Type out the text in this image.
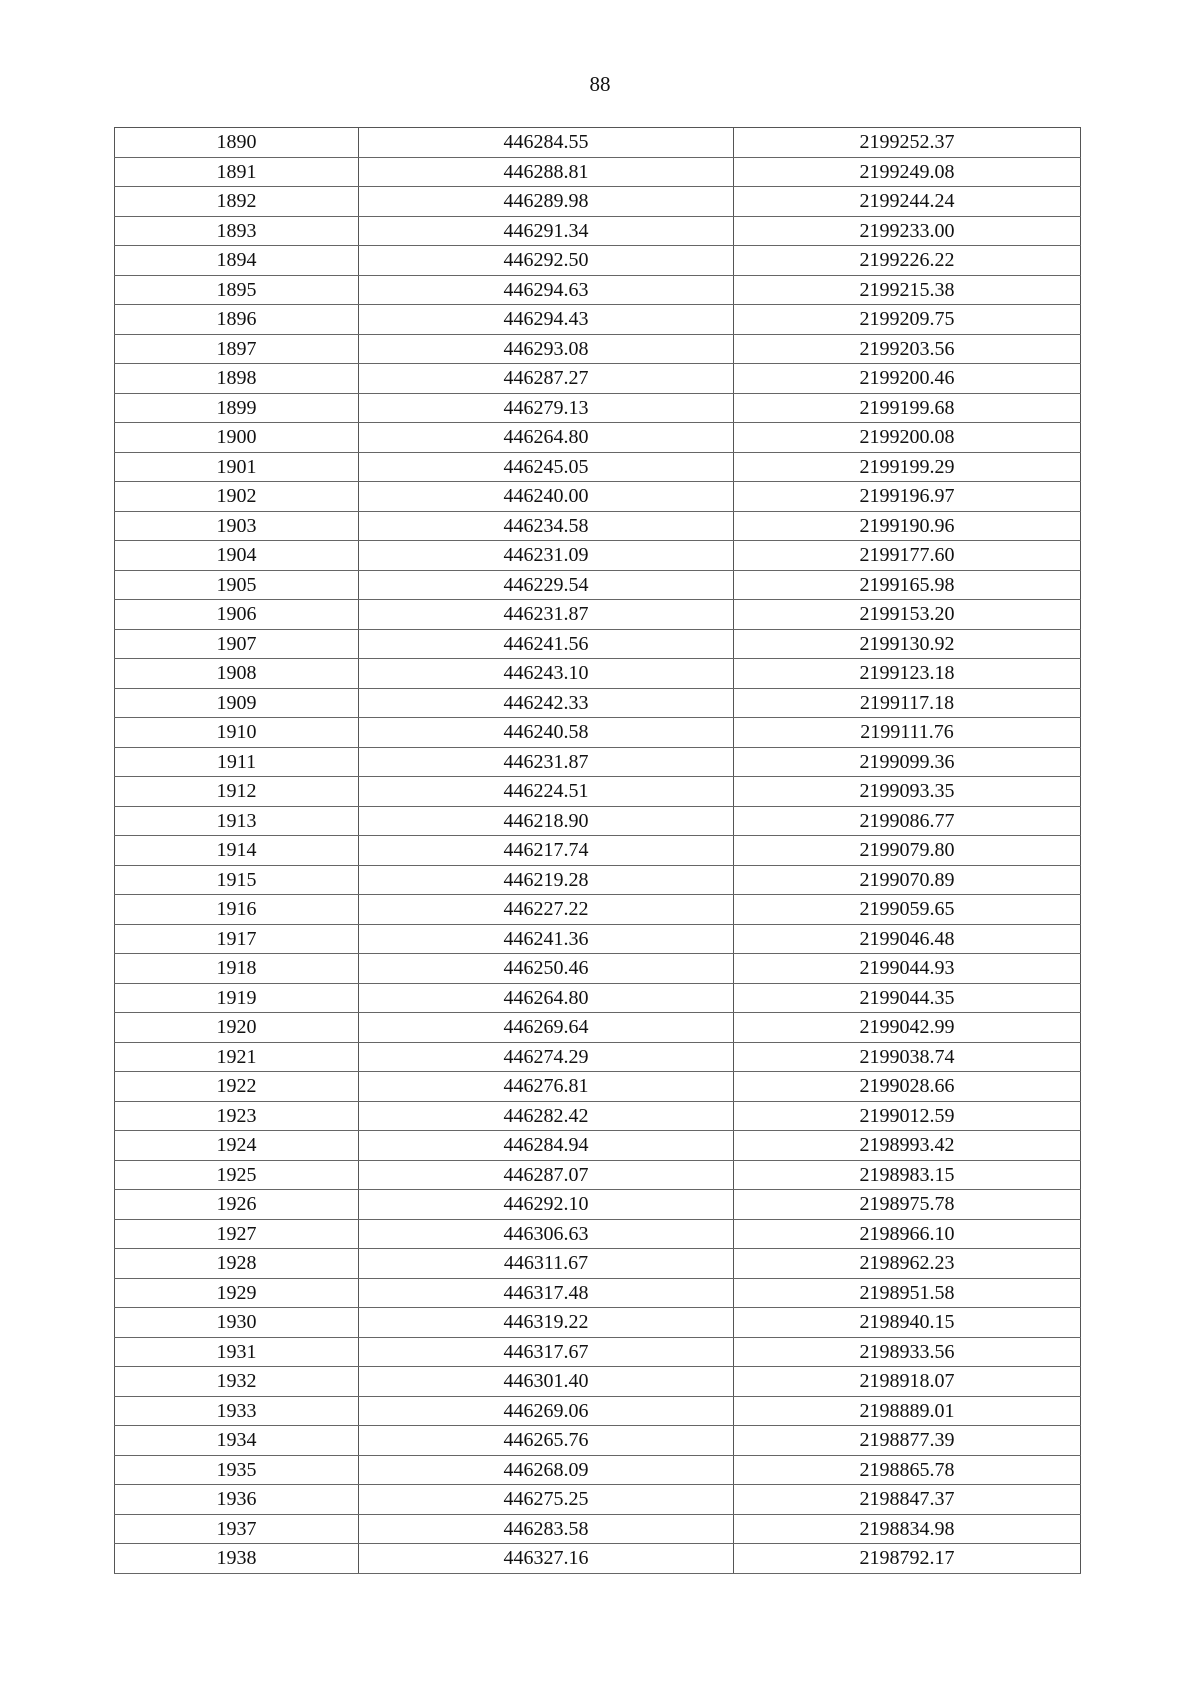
88
1890	446284.55	2199252.37
1891	446288.81	2199249.08
1892	446289.98	2199244.24
1893	446291.34	2199233.00
1894	446292.50	2199226.22
1895	446294.63	2199215.38
1896	446294.43	2199209.75
1897	446293.08	2199203.56
1898	446287.27	2199200.46
1899	446279.13	2199199.68
1900	446264.80	2199200.08
1901	446245.05	2199199.29
1902	446240.00	2199196.97
1903	446234.58	2199190.96
1904	446231.09	2199177.60
1905	446229.54	2199165.98
1906	446231.87	2199153.20
1907	446241.56	2199130.92
1908	446243.10	2199123.18
1909	446242.33	2199117.18
1910	446240.58	2199111.76
1911	446231.87	2199099.36
1912	446224.51	2199093.35
1913	446218.90	2199086.77
1914	446217.74	2199079.80
1915	446219.28	2199070.89
1916	446227.22	2199059.65
1917	446241.36	2199046.48
1918	446250.46	2199044.93
1919	446264.80	2199044.35
1920	446269.64	2199042.99
1921	446274.29	2199038.74
1922	446276.81	2199028.66
1923	446282.42	2199012.59
1924	446284.94	2198993.42
1925	446287.07	2198983.15
1926	446292.10	2198975.78
1927	446306.63	2198966.10
1928	446311.67	2198962.23
1929	446317.48	2198951.58
1930	446319.22	2198940.15
1931	446317.67	2198933.56
1932	446301.40	2198918.07
1933	446269.06	2198889.01
1934	446265.76	2198877.39
1935	446268.09	2198865.78
1936	446275.25	2198847.37
1937	446283.58	2198834.98
1938	446327.16	2198792.17
